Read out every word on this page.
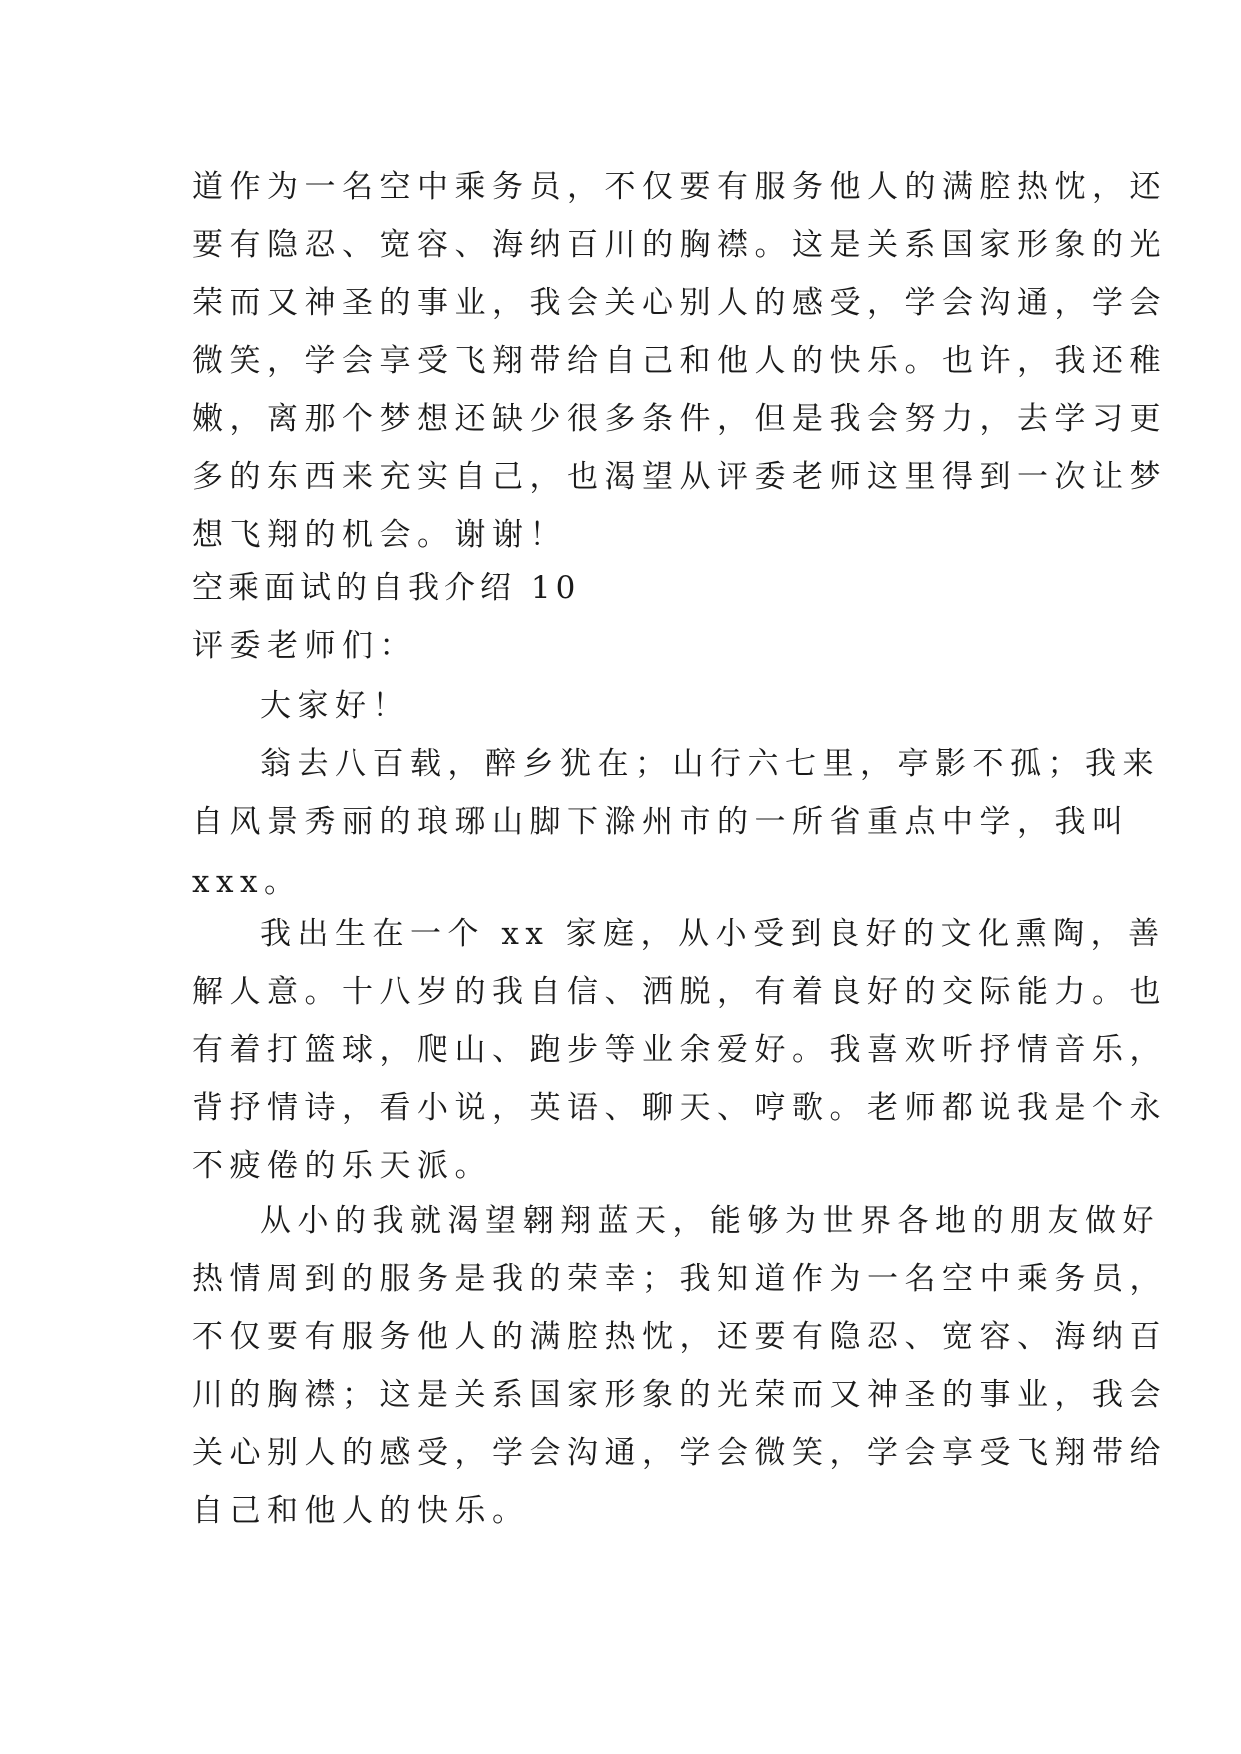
道作为一名空中乘务员，不仅要有服务他人的满腔热忱，还
要有隐忍、宽容、海纳百川的胸襟。这是关系国家形象的光
荣而又神圣的事业，我会关心别人的感受，学会沟通，学会
微笑，学会享受飞翔带给自己和他人的快乐。也许，我还稚
嫩，离那个梦想还缺少很多条件，但是我会努力，去学习更
多的东西来充实自己，也渴望从评委老师这里得到一次让梦
想飞翔的机会。谢谢！
空乘面试的自我介绍 10
评委老师们：
大家好！
翁去八百载，醉乡犹在；山行六七里，亭影不孤；我来
自风景秀丽的琅琊山脚下滁州市的一所省重点中学，我叫
xxx。
我出生在一个 xx 家庭，从小受到良好的文化熏陶，善
解人意。十八岁的我自信、洒脱，有着良好的交际能力。也
有着打篮球，爬山、跑步等业余爱好。我喜欢听抒情音乐，
背抒情诗，看小说，英语、聊天、哼歌。老师都说我是个永
不疲倦的乐天派。
从小的我就渴望翱翔蓝天，能够为世界各地的朋友做好
热情周到的服务是我的荣幸；我知道作为一名空中乘务员，
不仅要有服务他人的满腔热忱，还要有隐忍、宽容、海纳百
川的胸襟；这是关系国家形象的光荣而又神圣的事业，我会
关心别人的感受，学会沟通，学会微笑，学会享受飞翔带给
自己和他人的快乐。
